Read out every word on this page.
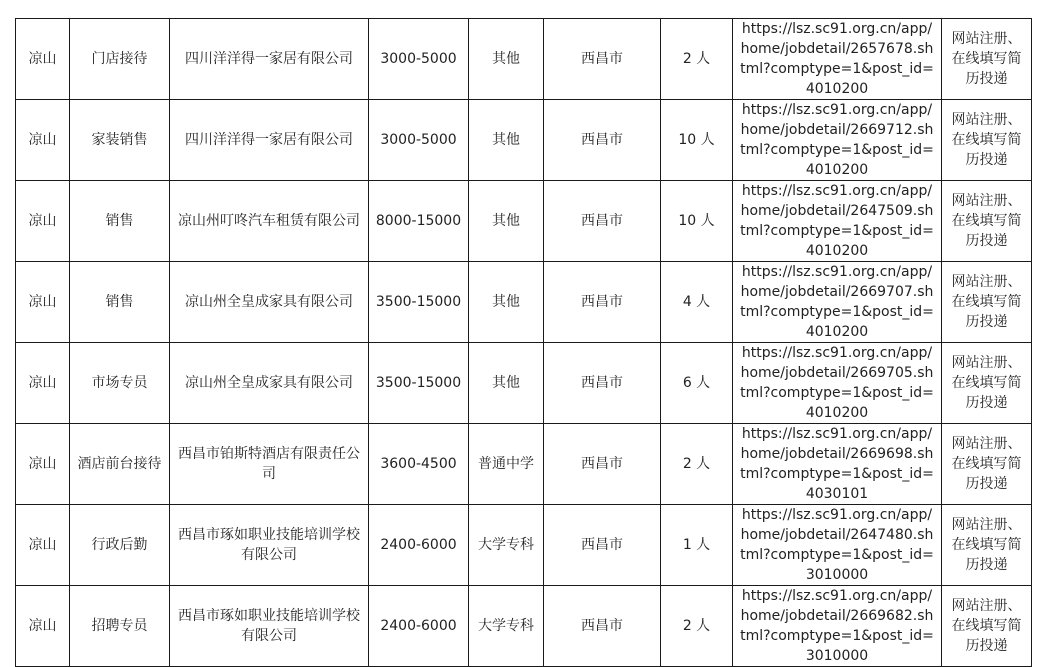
凉山	门店接待	四川洋洋得一家居有限公司	3000-5000	其他	西昌市	2 人	https://lsz.sc91.org.cn/app/home/jobdetail/2657678.shtml?comptype=1&post_id=4010200	网站注册、在线填写简历投递
凉山	家装销售	四川洋洋得一家居有限公司	3000-5000	其他	西昌市	10 人	https://lsz.sc91.org.cn/app/home/jobdetail/2669712.shtml?comptype=1&post_id=4010200	网站注册、在线填写简历投递
凉山	销售	凉山州叮咚汽车租赁有限公司	8000-15000	其他	西昌市	10 人	https://lsz.sc91.org.cn/app/home/jobdetail/2647509.shtml?comptype=1&post_id=4010200	网站注册、在线填写简历投递
凉山	销售	凉山州全皇成家具有限公司	3500-15000	其他	西昌市	4 人	https://lsz.sc91.org.cn/app/home/jobdetail/2669707.shtml?comptype=1&post_id=4010200	网站注册、在线填写简历投递
凉山	市场专员	凉山州全皇成家具有限公司	3500-15000	其他	西昌市	6 人	https://lsz.sc91.org.cn/app/home/jobdetail/2669705.shtml?comptype=1&post_id=4010200	网站注册、在线填写简历投递
凉山	酒店前台接待	西昌市铂斯特酒店有限责任公司	3600-4500	普通中学	西昌市	2 人	https://lsz.sc91.org.cn/app/home/jobdetail/2669698.shtml?comptype=1&post_id=4030101	网站注册、在线填写简历投递
凉山	行政后勤	西昌市琢如职业技能培训学校有限公司	2400-6000	大学专科	西昌市	1 人	https://lsz.sc91.org.cn/app/home/jobdetail/2647480.shtml?comptype=1&post_id=3010000	网站注册、在线填写简历投递
凉山	招聘专员	西昌市琢如职业技能培训学校有限公司	2400-6000	大学专科	西昌市	2 人	https://lsz.sc91.org.cn/app/home/jobdetail/2669682.shtml?comptype=1&post_id=3010000	网站注册、在线填写简历投递
